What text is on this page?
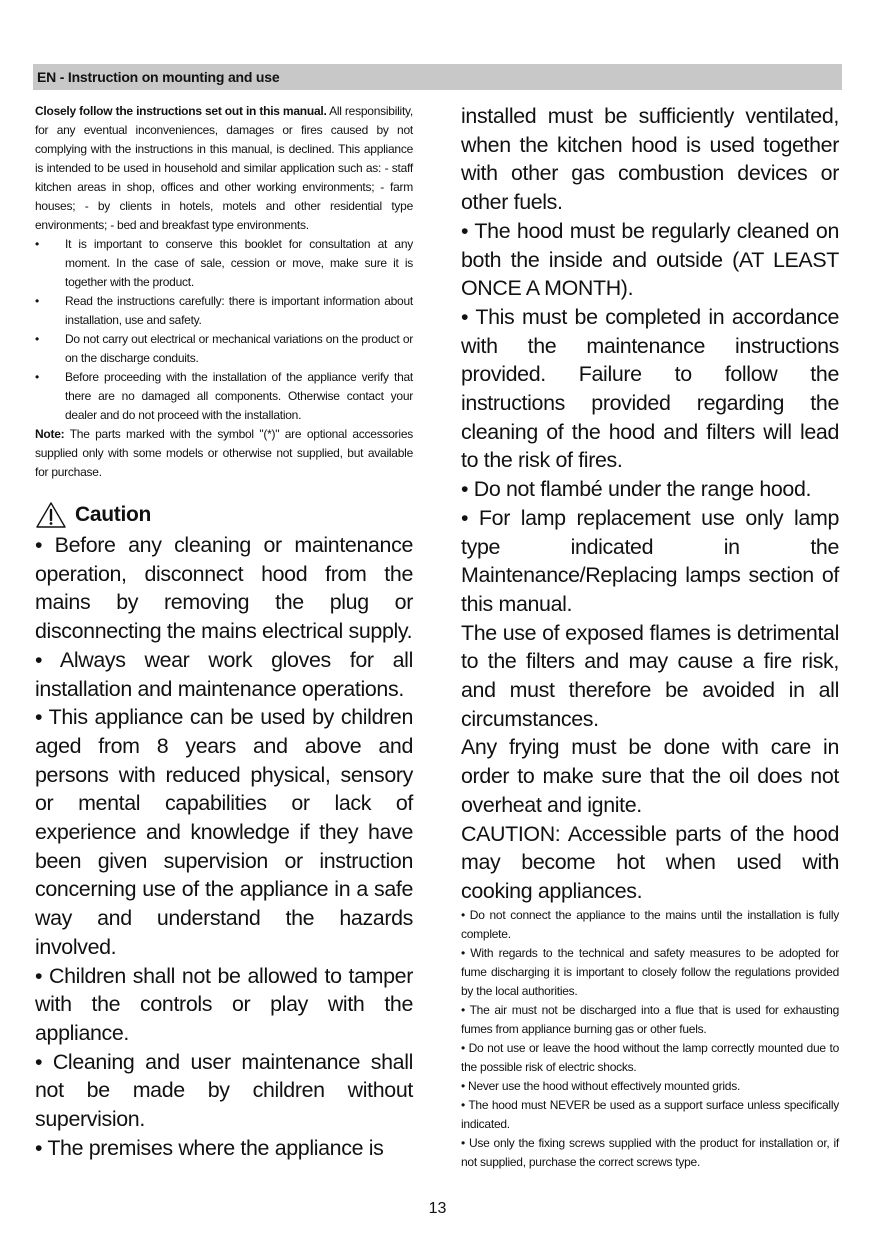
EN - Instruction on mounting and use

Closely follow the instructions set out in this manual. All responsibility, for any eventual inconveniences, damages or fires caused by not complying with the instructions in this manual, is declined. This appliance is intended to be used in household and similar application such as: - staff kitchen areas in shop, offices and other working environments; - farm houses; - by clients in hotels, motels and other residential type environments; - bed and breakfast type environments.

• It is important to conserve this booklet for consultation at any moment. In the case of sale, cession or move, make sure it is together with the product.
• Read the instructions carefully: there is important information about installation, use and safety.
• Do not carry out electrical or mechanical variations on the product or on the discharge conduits.
• Before proceeding with the installation of the appliance verify that there are no damaged all components. Otherwise contact your dealer and do not proceed with the installation.

Note: The parts marked with the symbol "(*)" are optional accessories supplied only with some models or otherwise not supplied, but available for purchase.

Caution

• Before any cleaning or maintenance operation, disconnect hood from the mains by removing the plug or disconnecting the mains electrical supply.

• Always wear work gloves for all installation and maintenance operations.

• This appliance can be used by children aged from 8 years and above and persons with reduced physical, sensory or mental capabilities or lack of experience and knowledge if they have been given supervision or instruction concerning use of the appliance in a safe way and understand the hazards involved.

• Children shall not be allowed to tamper with the controls or play with the appliance.

• Cleaning and user maintenance shall not be made by children without supervision.

• The premises where the appliance is

installed must be sufficiently ventilated, when the kitchen hood is used together with other gas combustion devices or other fuels.

• The hood must be regularly cleaned on both the inside and outside (AT LEAST ONCE A MONTH).

• This must be completed in accordance with the maintenance instructions provided. Failure to follow the instructions provided regarding the cleaning of the hood and filters will lead to the risk of fires.

• Do not flambé under the range hood.

• For lamp replacement use only lamp type indicated in the Maintenance/Replacing lamps section of this manual.

The use of exposed flames is detrimental to the filters and may cause a fire risk, and must therefore be avoided in all circumstances.

Any frying must be done with care in order to make sure that the oil does not overheat and ignite.

CAUTION: Accessible parts of the hood may become hot when used with cooking appliances.

• Do not connect the appliance to the mains until the installation is fully complete.

• With regards to the technical and safety measures to be adopted for fume discharging it is important to closely follow the regulations provided by the local authorities.

• The air must not be discharged into a flue that is used for exhausting fumes from appliance burning gas or other fuels.

• Do not use or leave the hood without the lamp correctly mounted due to the possible risk of electric shocks.

• Never use the hood without effectively mounted grids.

• The hood must NEVER be used as a support surface unless specifically indicated.

• Use only the fixing screws supplied with the product for installation or, if not supplied, purchase the correct screws type.

13
